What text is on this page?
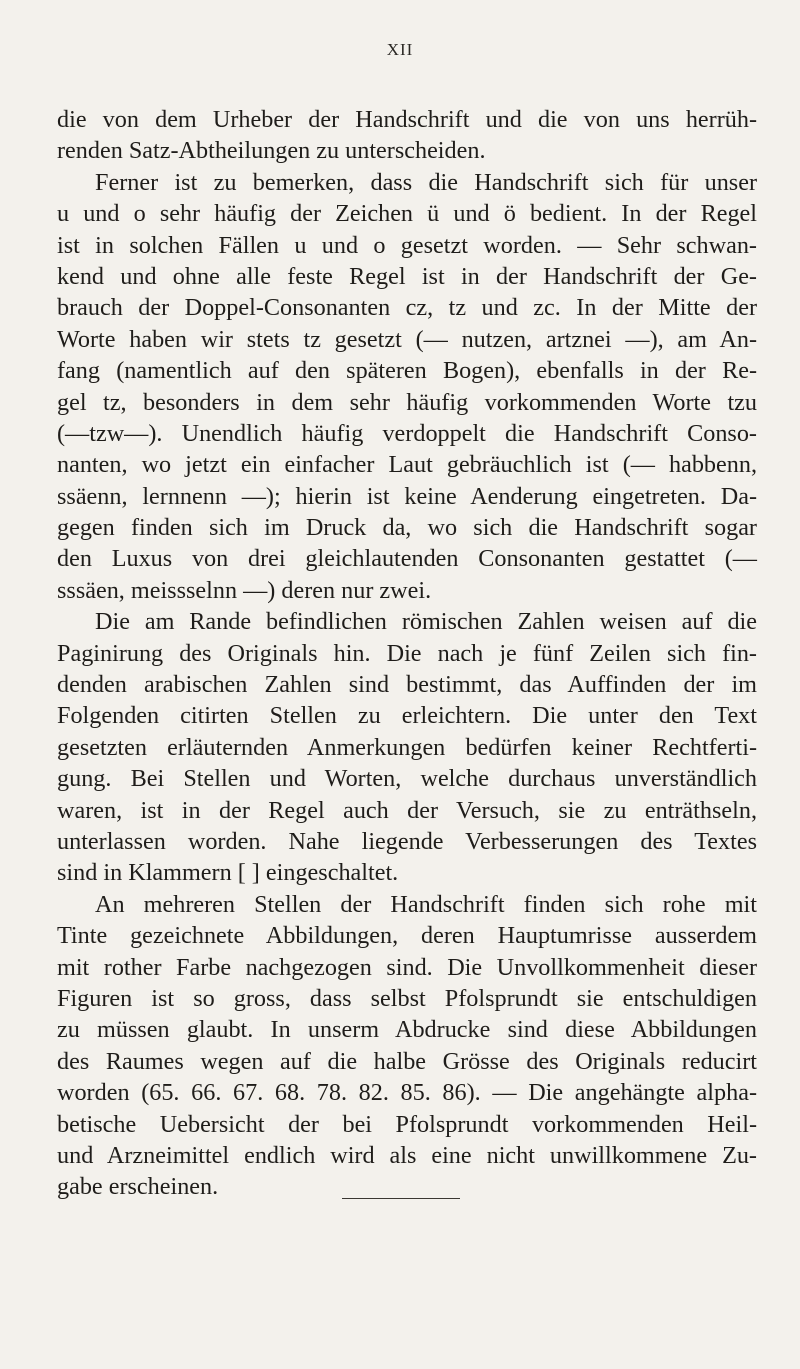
XII
die von dem Urheber der Handschrift und die von uns herrüh-
renden Satz-Abtheilungen zu unterscheiden.
Ferner ist zu bemerken, dass die Handschrift sich für unser
u und o sehr häufig der Zeichen ü und ö bedient. In der Regel
ist in solchen Fällen u und o gesetzt worden. — Sehr schwan-
kend und ohne alle feste Regel ist in der Handschrift der Ge-
brauch der Doppel-Consonanten cz, tz und zc. In der Mitte der
Worte haben wir stets tz gesetzt (— nutzen, artznei —), am An-
fang (namentlich auf den späteren Bogen), ebenfalls in der Re-
gel tz, besonders in dem sehr häufig vorkommenden Worte tzu
(—tzw—). Unendlich häufig verdoppelt die Handschrift Conso-
nanten, wo jetzt ein einfacher Laut gebräuchlich ist (— habbenn,
ssäenn, lernnenn —); hierin ist keine Aenderung eingetreten. Da-
gegen finden sich im Druck da, wo sich die Handschrift sogar
den Luxus von drei gleichlautenden Consonanten gestattet (—
sssäen, meissselnn —) deren nur zwei.
Die am Rande befindlichen römischen Zahlen weisen auf die
Paginirung des Originals hin. Die nach je fünf Zeilen sich fin-
denden arabischen Zahlen sind bestimmt, das Auffinden der im
Folgenden citirten Stellen zu erleichtern. Die unter den Text
gesetzten erläuternden Anmerkungen bedürfen keiner Rechtferti-
gung. Bei Stellen und Worten, welche durchaus unverständlich
waren, ist in der Regel auch der Versuch, sie zu enträthseln,
unterlassen worden. Nahe liegende Verbesserungen des Textes
sind in Klammern [ ] eingeschaltet.
An mehreren Stellen der Handschrift finden sich rohe mit
Tinte gezeichnete Abbildungen, deren Hauptumrisse ausserdem
mit rother Farbe nachgezogen sind. Die Unvollkommenheit dieser
Figuren ist so gross, dass selbst Pfolsprundt sie entschuldigen
zu müssen glaubt. In unserm Abdrucke sind diese Abbildungen
des Raumes wegen auf die halbe Grösse des Originals reducirt
worden (65. 66. 67. 68. 78. 82. 85. 86). — Die angehängte alpha-
betische Uebersicht der bei Pfolsprundt vorkommenden Heil-
und Arzneimittel endlich wird als eine nicht unwillkommene Zu-
gabe erscheinen.
